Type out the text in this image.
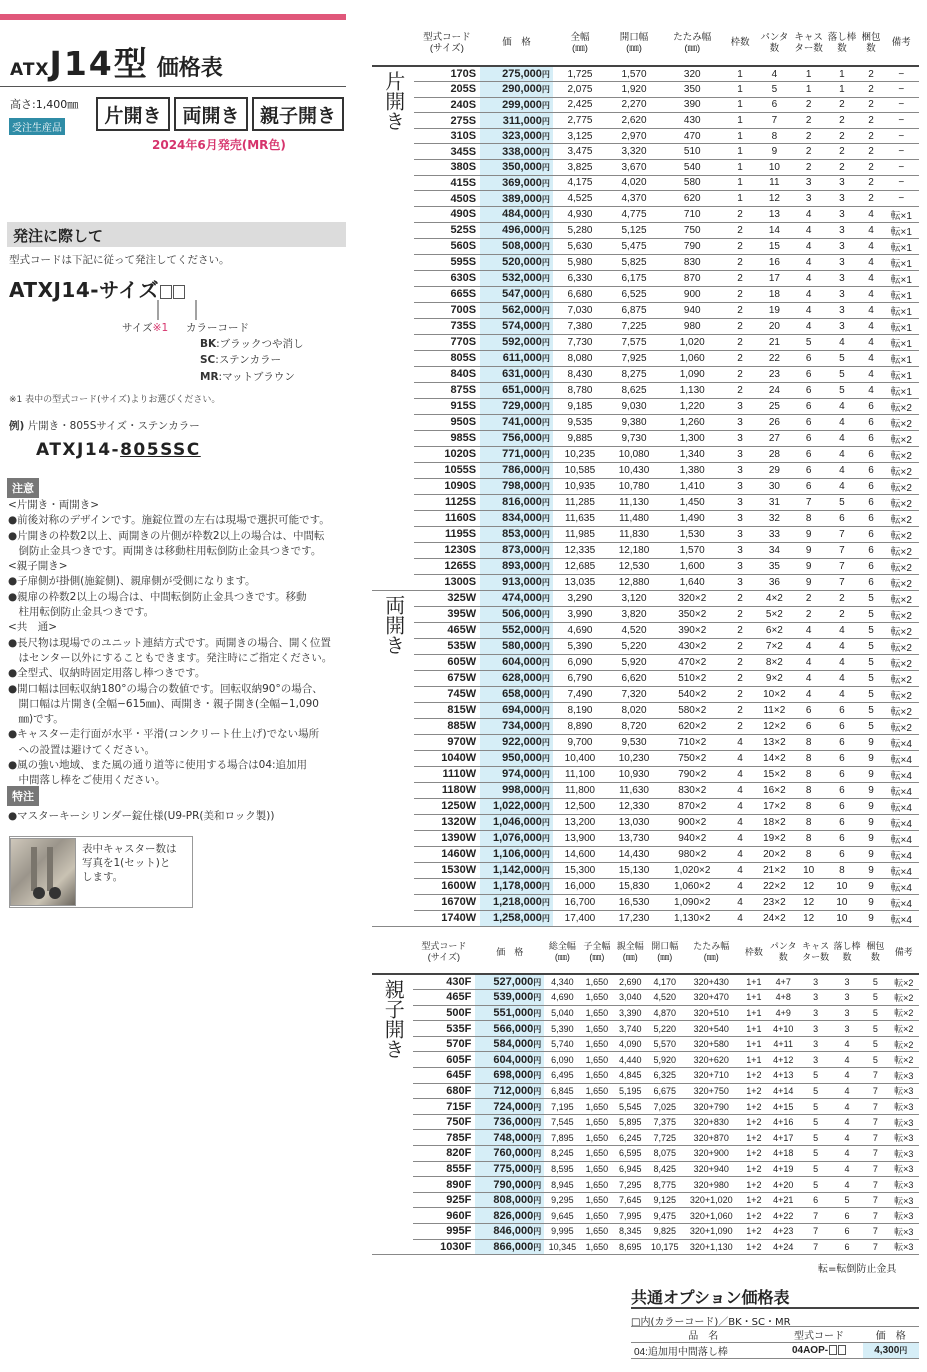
ATXJ14型 価格表
高さ:1,400㎜
受注生産品
片開き	両開き	親子開き
2024年6月発売(MR色)
発注に際して
型式コードは下記に従って発注してください。
ATXJ14-サイズ
サイズ※1 カラーコード
BK:ブラックつや消し
SC:ステンカラー
MR:マットブラウン
※1 表中の型式コード(サイズ)よりお選びください。
例) 片開き・805Sサイズ・ステンカラー
ATXJ14-805SSC
注意
<片開き・両開き>
●前後対称のデザインです。施錠位置の左右は現場で選択可能です。
●片開きの枠数2以上、両開きの片側が枠数2以上の場合は、中間転
　倒防止金具つきです。両開きは移動柱用転倒防止金具つきです。
<親子開き>
●子扉側が掛側(施錠側)、親扉側が受側になります。
●親扉の枠数2以上の場合は、中間転倒防止金具つきです。移動
　柱用転倒防止金具つきです。
<共　通>
●長尺物は現場でのユニット連結方式です。両開きの場合、開く位置
　はセンター以外にすることもできます。発注時にご指定ください。
●全型式、収納時固定用落し棒つきです。
●開口幅は回転収納180°の場合の数値です。回転収納90°の場合、
　開口幅は片開き(全幅−615㎜)、両開き・親子開き(全幅−1,090
　㎜)です。
●キャスター走行面が水平・平滑(コンクリート仕上げ)でない場所
　への設置は避けてください。
●風の強い地域、また風の通り道等に使用する場合は04:追加用
　中間落し棒をご使用ください。
特注
●マスターキーシリンダー錠仕様(U9-PR(美和ロック製))
表中キャスター数は
写真を1(セット)と
します。
	型式コード
(サイズ)	価　格	全幅
(㎜)	開口幅
(㎜)	たたみ幅
(㎜)	枠数	パンタ
数	キャス
ター数	落し棒
数	梱包
数	備考

片開き	170S	275,000円	1,725	1,570	320	1	4	1	1	2	−
	205S	290,000円	2,075	1,920	350	1	5	1	1	2	−
	240S	299,000円	2,425	2,270	390	1	6	2	2	2	−
	275S	311,000円	2,775	2,620	430	1	7	2	2	2	−
	310S	323,000円	3,125	2,970	470	1	8	2	2	2	−
	345S	338,000円	3,475	3,320	510	1	9	2	2	2	−
	380S	350,000円	3,825	3,670	540	1	10	2	2	2	−
	415S	369,000円	4,175	4,020	580	1	11	3	3	2	−
	450S	389,000円	4,525	4,370	620	1	12	3	3	2	−
	490S	484,000円	4,930	4,775	710	2	13	4	3	4	転×1
	525S	496,000円	5,280	5,125	750	2	14	4	3	4	転×1
	560S	508,000円	5,630	5,475	790	2	15	4	3	4	転×1
	595S	520,000円	5,980	5,825	830	2	16	4	3	4	転×1
	630S	532,000円	6,330	6,175	870	2	17	4	3	4	転×1
	665S	547,000円	6,680	6,525	900	2	18	4	3	4	転×1
	700S	562,000円	7,030	6,875	940	2	19	4	3	4	転×1
	735S	574,000円	7,380	7,225	980	2	20	4	3	4	転×1
	770S	592,000円	7,730	7,575	1,020	2	21	5	4	4	転×1
	805S	611,000円	8,080	7,925	1,060	2	22	6	5	4	転×1
	840S	631,000円	8,430	8,275	1,090	2	23	6	5	4	転×1
	875S	651,000円	8,780	8,625	1,130	2	24	6	5	4	転×1
	915S	729,000円	9,185	9,030	1,220	3	25	6	4	6	転×2
	950S	741,000円	9,535	9,380	1,260	3	26	6	4	6	転×2
	985S	756,000円	9,885	9,730	1,300	3	27	6	4	6	転×2
	1020S	771,000円	10,235	10,080	1,340	3	28	6	4	6	転×2
	1055S	786,000円	10,585	10,430	1,380	3	29	6	4	6	転×2
	1090S	798,000円	10,935	10,780	1,410	3	30	6	4	6	転×2
	1125S	816,000円	11,285	11,130	1,450	3	31	7	5	6	転×2
	1160S	834,000円	11,635	11,480	1,490	3	32	8	6	6	転×2
	1195S	853,000円	11,985	11,830	1,530	3	33	9	7	6	転×2
	1230S	873,000円	12,335	12,180	1,570	3	34	9	7	6	転×2
	1265S	893,000円	12,685	12,530	1,600	3	35	9	7	6	転×2
	1300S	913,000円	13,035	12,880	1,640	3	36	9	7	6	転×2

両開き	325W	474,000円	3,290	3,120	320×2	2	4×2	2	2	5	転×2
	395W	506,000円	3,990	3,820	350×2	2	5×2	2	2	5	転×2
	465W	552,000円	4,690	4,520	390×2	2	6×2	4	4	5	転×2
	535W	580,000円	5,390	5,220	430×2	2	7×2	4	4	5	転×2
	605W	604,000円	6,090	5,920	470×2	2	8×2	4	4	5	転×2
	675W	628,000円	6,790	6,620	510×2	2	9×2	4	4	5	転×2
	745W	658,000円	7,490	7,320	540×2	2	10×2	4	4	5	転×2
	815W	694,000円	8,190	8,020	580×2	2	11×2	6	6	5	転×2
	885W	734,000円	8,890	8,720	620×2	2	12×2	6	6	5	転×2
	970W	922,000円	9,700	9,530	710×2	4	13×2	8	6	9	転×4
	1040W	950,000円	10,400	10,230	750×2	4	14×2	8	6	9	転×4
	1110W	974,000円	11,100	10,930	790×2	4	15×2	8	6	9	転×4
	1180W	998,000円	11,800	11,630	830×2	4	16×2	8	6	9	転×4
	1250W	1,022,000円	12,500	12,330	870×2	4	17×2	8	6	9	転×4
	1320W	1,046,000円	13,200	13,030	900×2	4	18×2	8	6	9	転×4
	1390W	1,076,000円	13,900	13,730	940×2	4	19×2	8	6	9	転×4
	1460W	1,106,000円	14,600	14,430	980×2	4	20×2	8	6	9	転×4
	1530W	1,142,000円	15,300	15,130	1,020×2	4	21×2	10	8	9	転×4
	1600W	1,178,000円	16,000	15,830	1,060×2	4	22×2	12	10	9	転×4
	1670W	1,218,000円	16,700	16,530	1,090×2	4	23×2	12	10	9	転×4
	1740W	1,258,000円	17,400	17,230	1,130×2	4	24×2	12	10	9	転×4
	型式コード
(サイズ)	価　格	総全幅
(㎜)	子全幅
(㎜)	親全幅
(㎜)	開口幅
(㎜)	たたみ幅
(㎜)	枠数	パンタ
数	キャス
ター数	落し棒
数	梱包
数	備考

親子開き	430F	527,000円	4,340	1,650	2,690	4,170	320+430	1+1	4+7	3	3	5	転×2
	465F	539,000円	4,690	1,650	3,040	4,520	320+470	1+1	4+8	3	3	5	転×2
	500F	551,000円	5,040	1,650	3,390	4,870	320+510	1+1	4+9	3	3	5	転×2
	535F	566,000円	5,390	1,650	3,740	5,220	320+540	1+1	4+10	3	3	5	転×2
	570F	584,000円	5,740	1,650	4,090	5,570	320+580	1+1	4+11	3	4	5	転×2
	605F	604,000円	6,090	1,650	4,440	5,920	320+620	1+1	4+12	3	4	5	転×2
	645F	698,000円	6,495	1,650	4,845	6,325	320+710	1+2	4+13	5	4	7	転×3
	680F	712,000円	6,845	1,650	5,195	6,675	320+750	1+2	4+14	5	4	7	転×3
	715F	724,000円	7,195	1,650	5,545	7,025	320+790	1+2	4+15	5	4	7	転×3
	750F	736,000円	7,545	1,650	5,895	7,375	320+830	1+2	4+16	5	4	7	転×3
	785F	748,000円	7,895	1,650	6,245	7,725	320+870	1+2	4+17	5	4	7	転×3
	820F	760,000円	8,245	1,650	6,595	8,075	320+900	1+2	4+18	5	4	7	転×3
	855F	775,000円	8,595	1,650	6,945	8,425	320+940	1+2	4+19	5	4	7	転×3
	890F	790,000円	8,945	1,650	7,295	8,775	320+980	1+2	4+20	5	4	7	転×3
	925F	808,000円	9,295	1,650	7,645	9,125	320+1,020	1+2	4+21	6	5	7	転×3
	960F	826,000円	9,645	1,650	7,995	9,475	320+1,060	1+2	4+22	7	6	7	転×3
	995F	846,000円	9,995	1,650	8,345	9,825	320+1,090	1+2	4+23	7	6	7	転×3
	1030F	866,000円	10,345	1,650	8,695	10,175	320+1,130	1+2	4+24	7	6	7	転×3
転=転倒防止金具
共通オプション価格表
□内(カラーコード)／BK・SC・MR
品　名	型式コード	価　格
04:追加用中間落し棒	04AOP-	4,300円
